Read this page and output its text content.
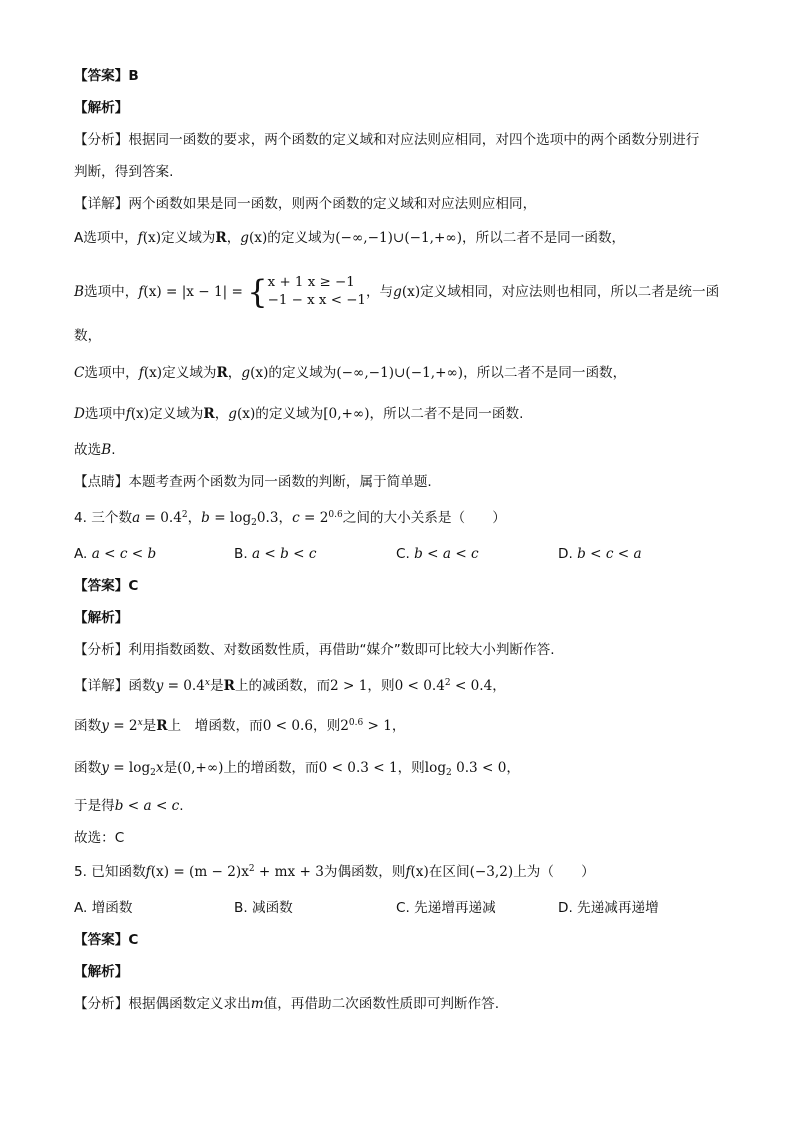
【答案】B
【解析】
【分析】根据同一函数的要求，两个函数的定义域和对应法则应相同，对四个选项中的两个函数分别进行
判断，得到答案.
【详解】两个函数如果是同一函数，则两个函数的定义域和对应法则应相同，
A选项中，f(x)定义域为R，g(x)的定义域为(−∞,−1)∪(−1,+∞)，所以二者不是同一函数，
B选项中，f(x) = |x − 1| = { x + 1 x ≥ −1
−1 − x x < −1
，与g(x)定义域相同，对应法则也相同，所以二者是统一函
数，
C选项中，f(x)定义域为R，g(x)的定义域为(−∞,−1)∪(−1,+∞)，所以二者不是同一函数，
D选项中f(x)定义域为R，g(x)的定义域为[0,+∞)，所以二者不是同一函数.
故选B.
【点睛】本题考查两个函数为同一函数的判断，属于简单题.
4. 三个数$a = 0.4^2$，$b = \log_20.3$，$c = 2^{0.6}$之间的大小关系是（　　）
A. a < c < b	B. a < b < c	C. b < a < c	D. b < c < a
【答案】C
【解析】
【分析】利用指数函数、对数函数性质，再借助“媒介”数即可比较大小判断作答.
【详解】函数$y = 0.4^x$是R上的减函数，而2 > 1，则$0 < 0.4^2 < 0.4$，
函数$y = 2^x$是R上　增函数，而0 < 0.6，则$2^{0.6} > 1$，
函数$y = \log_2x$是(0,+∞)上的增函数，而0 < 0.3 < 1，则$\log_2 0.3 < 0$，
于是得b < a < c.
故选：C
5. 已知函数$f(x) = (m - 2)x^2$ + mx + 3为偶函数，则f(x)在区间(−3,2)上为（　　）
A. 增函数	B. 减函数	C. 先递增再递减	D. 先递减再递增
【答案】C
【解析】
【分析】根据偶函数定义求出m值，再借助二次函数性质即可判断作答.
